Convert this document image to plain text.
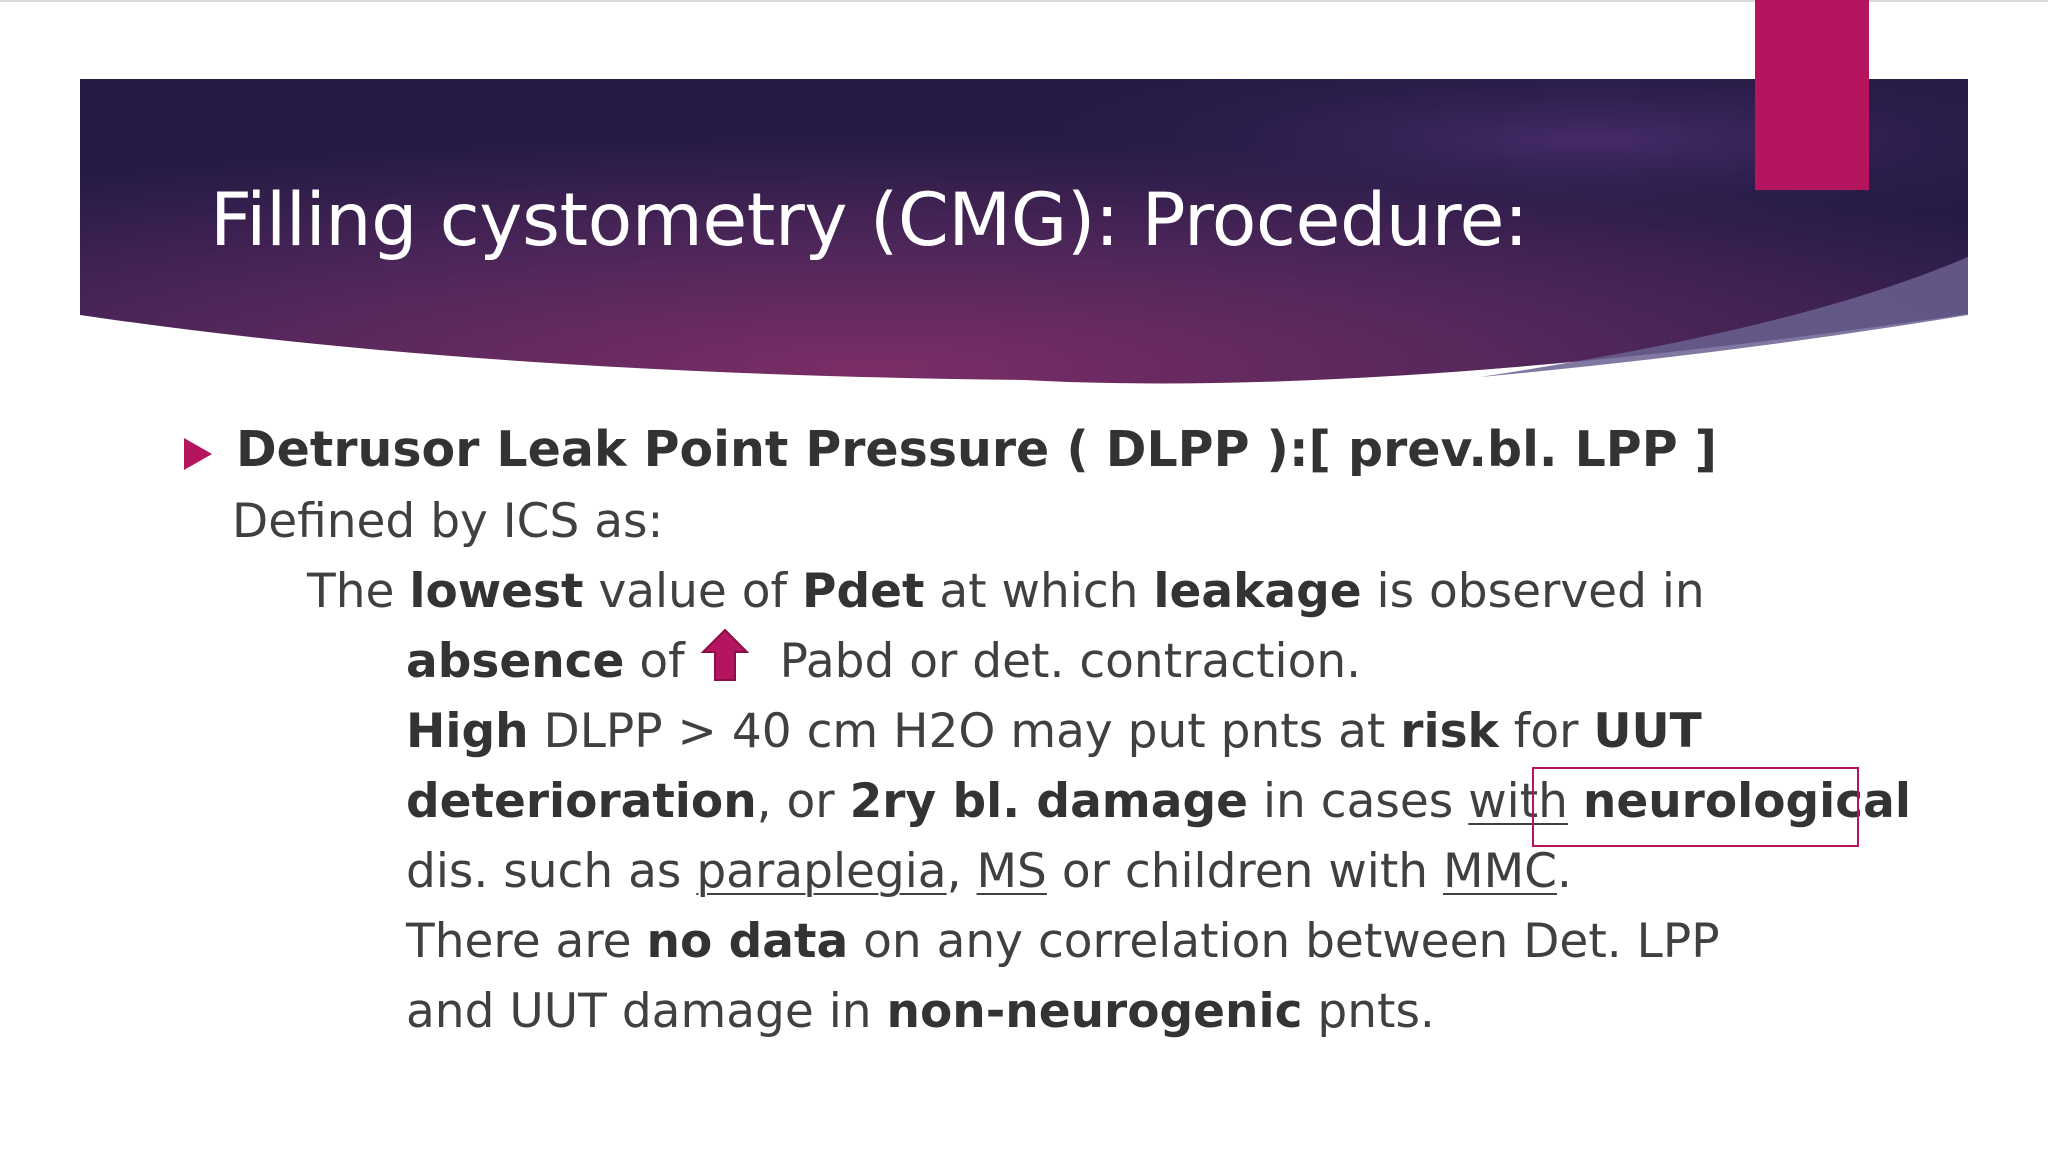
Filling cystometry (CMG): Procedure:
Detrusor Leak Point Pressure ( DLPP ):[ prev.bl. LPP ]
Defined by ICS as:
The lowest value of Pdet at which leakage is observed in
absence of Pabd or det. contraction.
High DLPP > 40 cm H2O may put pnts at risk for UUT
deterioration, or 2ry bl. damage in cases with neurological
dis. such as paraplegia, MS or children with MMC.
There are no data on any correlation between Det. LPP
and UUT damage in non-neurogenic pnts.
